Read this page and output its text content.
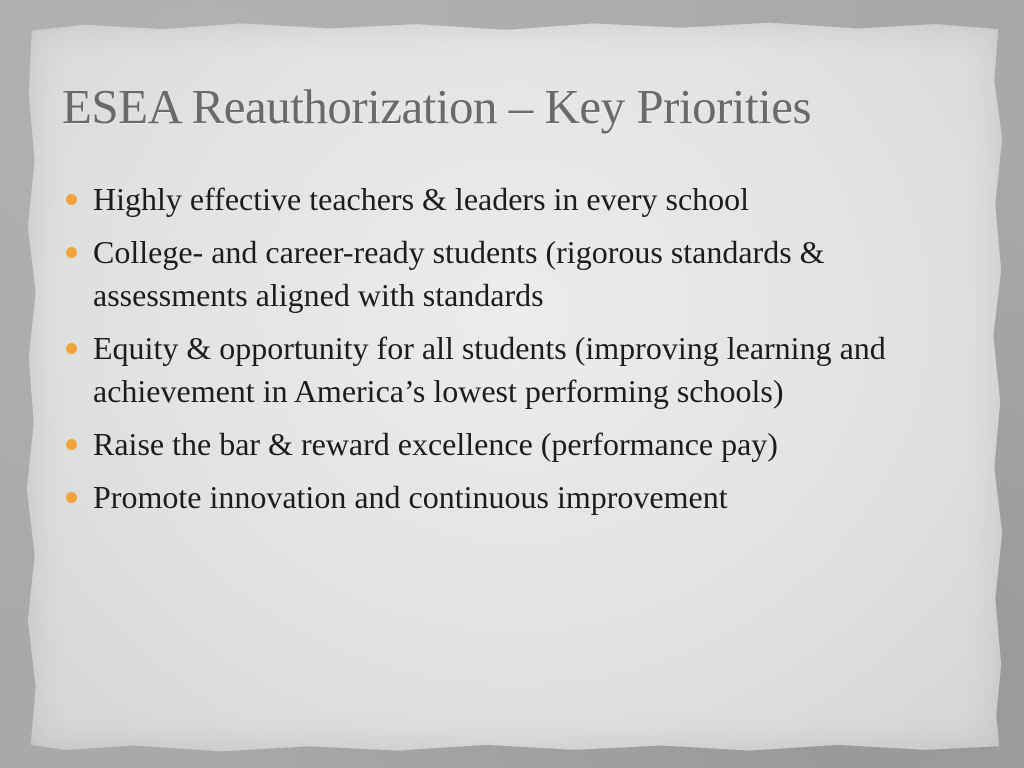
ESEA Reauthorization – Key Priorities
Highly effective teachers & leaders in every school
College- and career-ready students (rigorous standards & assessments aligned with standards
Equity & opportunity for all students (improving learning and achievement in America’s lowest performing schools)
Raise the bar & reward excellence (performance pay)
Promote innovation and continuous improvement
